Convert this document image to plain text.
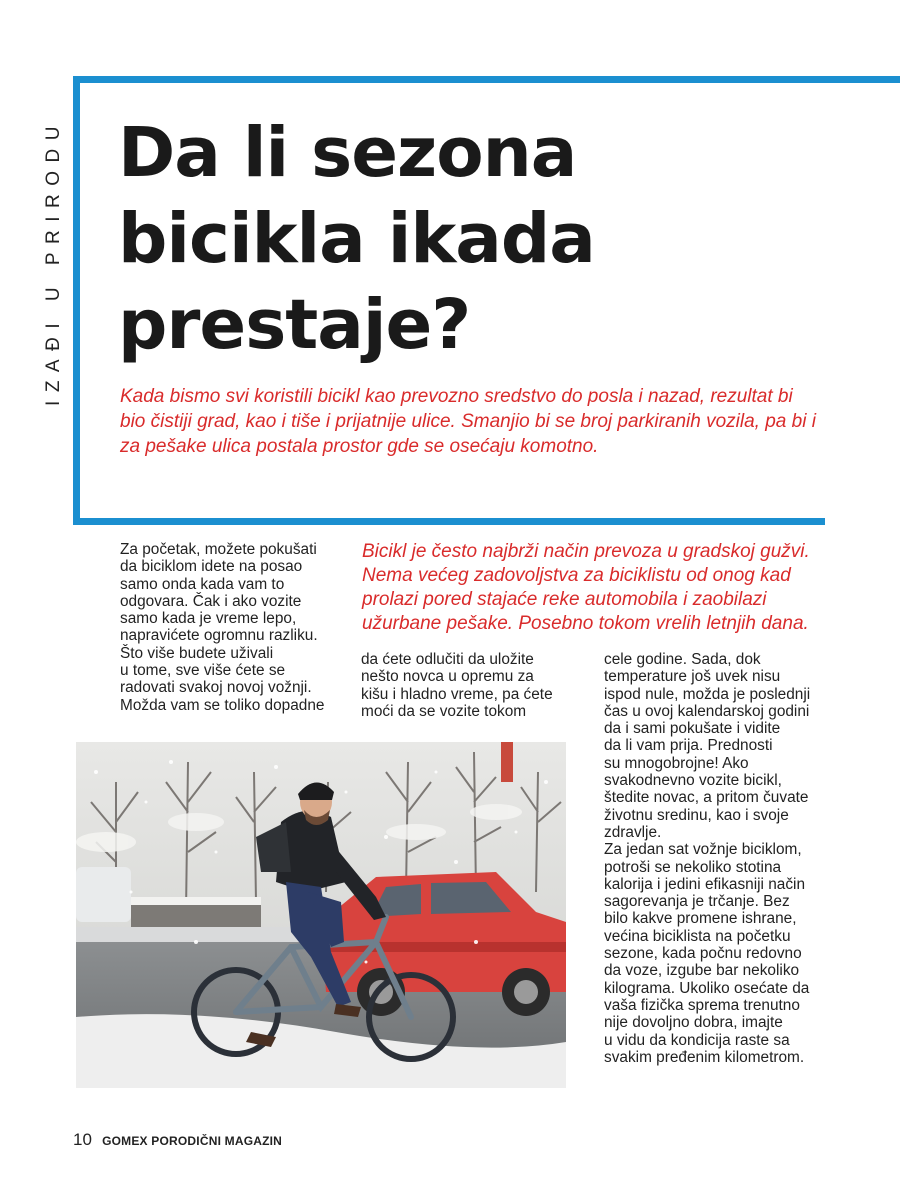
IZAĐI U PRIRODU Da li sezona
bicikla ikada
prestaje?
Kada bismo svi koristili bicikl kao prevozno sredstvo do posla i nazad, rezultat bi bio čistiji grad, kao i tiše i prijatnije ulice. Smanjio bi se broj parkiranih vozila, pa bi i za pešake ulica postala prostor gde se osećaju komotno.
Za početak, možete pokušati
da biciklom idete na posao
samo onda kada vam to
odgovara. Čak i ako vozite
samo kada je vreme lepo,
napravićete ogromnu razliku.
Što više budete uživali
u tome, sve više ćete se
radovati svakoj novoj vožnji.
Možda vam se toliko dopadne
Bicikl je često najbrži način prevoza u gradskoj gužvi. Nema većeg zadovoljstva za biciklistu od onog kad prolazi pored stajaće reke automobila i zaobilazi užurbane pešake. Posebno tokom vrelih letnjih dana.
da ćete odlučiti da uložite
nešto novca u opremu za
kišu i hladno vreme, pa ćete
moći da se vozite tokom
cele godine. Sada, dok
temperature još uvek nisu
ispod nule, možda je poslednji
čas u ovoj kalendarskoj godini
da i sami pokušate i vidite
da li vam prija. Prednosti
su mnogobrojne! Ako
svakodnevno vozite bicikl,
štedite novac, a pritom čuvate
životnu sredinu, kao i svoje
zdravlje.
Za jedan sat vožnje biciklom,
potroši se nekoliko stotina
kalorija i jedini efikasniji način
sagorevanja je trčanje. Bez
bilo kakve promene ishrane,
većina biciklista na početku
sezone, kada počnu redovno
da voze, izgube bar nekoliko
kilograma. Ukoliko osećate da
vaša fizička sprema trenutno
nije dovoljno dobra, imajte
u vidu da kondicija raste sa
svakim pređenim kilometrom.
10 GOMEX PORODIČNI MAGAZIN
